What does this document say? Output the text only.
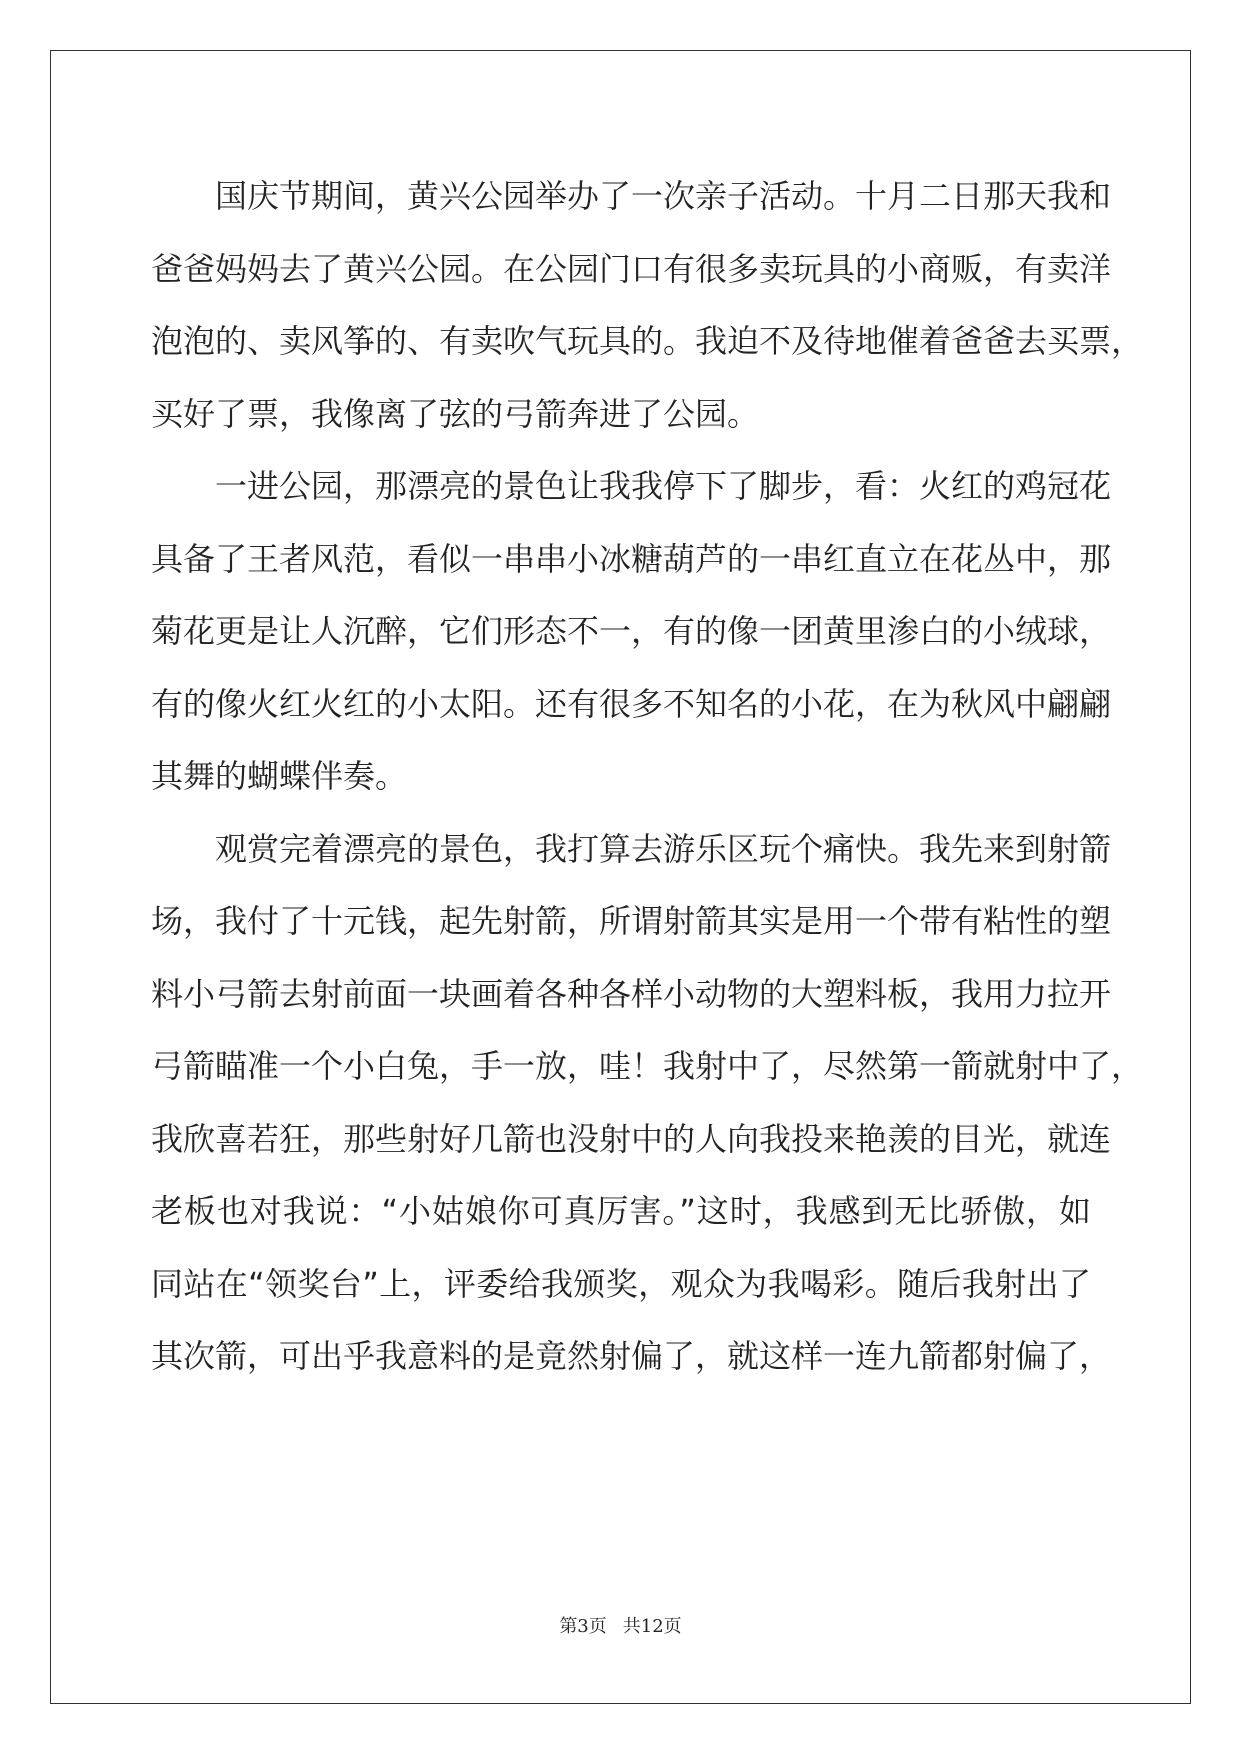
国庆节期间，黄兴公园举办了一次亲子活动。十月二日那天我和
爸爸妈妈去了黄兴公园。在公园门口有很多卖玩具的小商贩，有卖洋
泡泡的、卖风筝的、有卖吹气玩具的。我迫不及待地催着爸爸去买票，
买好了票，我像离了弦的弓箭奔进了公园。
一进公园，那漂亮的景色让我我停下了脚步，看：火红的鸡冠花
具备了王者风范，看似一串串小冰糖葫芦的一串红直立在花丛中，那
菊花更是让人沉醉，它们形态不一，有的像一团黄里渗白的小绒球，
有的像火红火红的小太阳。还有很多不知名的小花，在为秋风中翩翩
其舞的蝴蝶伴奏。
观赏完着漂亮的景色，我打算去游乐区玩个痛快。我先来到射箭
场，我付了十元钱，起先射箭，所谓射箭其实是用一个带有粘性的塑
料小弓箭去射前面一块画着各种各样小动物的大塑料板，我用力拉开
弓箭瞄准一个小白兔，手一放，哇！我射中了，尽然第一箭就射中了，
我欣喜若狂，那些射好几箭也没射中的人向我投来艳羡的目光，就连
老板也对我说：“小姑娘你可真厉害。”这时，我感到无比骄傲，如
同站在“领奖台”上，评委给我颁奖，观众为我喝彩。随后我射出了
其次箭，可出乎我意料的是竟然射偏了，就这样一连九箭都射偏了，
第3页 共12页
